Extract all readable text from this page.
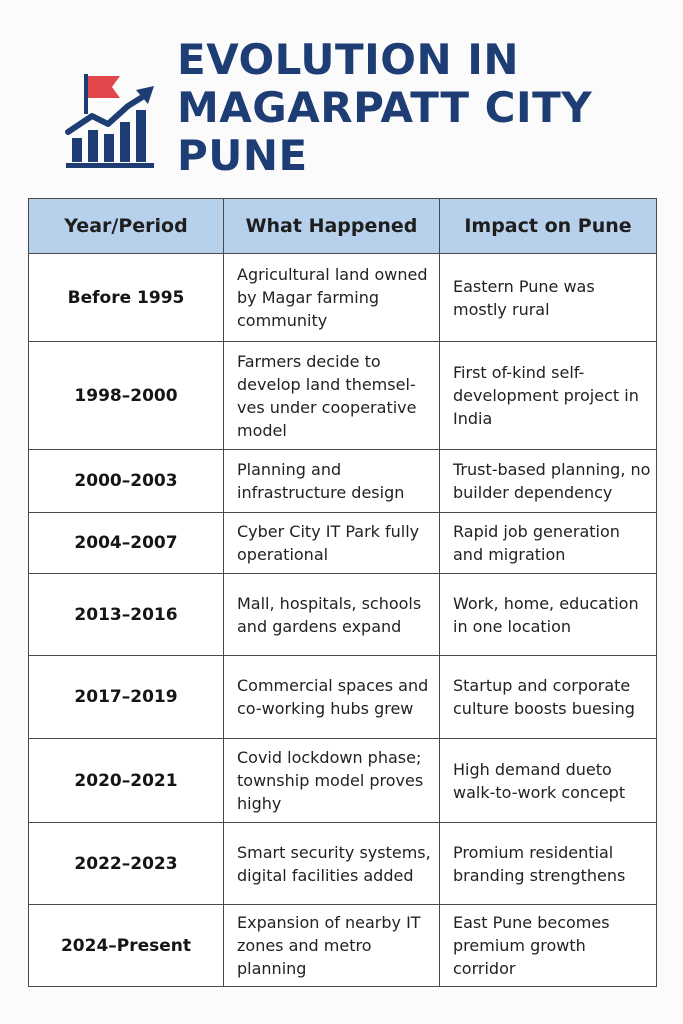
EVOLUTION IN
MAGARPATT CITY
PUNE
Year/Period	What Happened	Impact on Pune
Before 1995	Agricultural land owned by Magar farming community	Eastern Pune was mostly rural
1998–2000	Farmers decide to develop land themsel-ves under cooperative model	First of-kind self-development project in India
2000–2003	Planning and infrastructure design	Trust-based planning, no builder dependency
2004–2007	Cyber City IT Park fully operational	Rapid job generation and migration
2013–2016	Mall, hospitals, schools and gardens expand	Work, home, education in one location
2017–2019	Commercial spaces and co-working hubs grew	Startup and corporate culture boosts buesing
2020–2021	Covid lockdown phase; township model proves highy	High demand dueto walk-to-work concept
2022–2023	Smart security systems, digital facilities added	Promium residential branding strengthens
2024–Present	Expansion of nearby IT zones and metro planning	East Pune becomes premium growth corridor
